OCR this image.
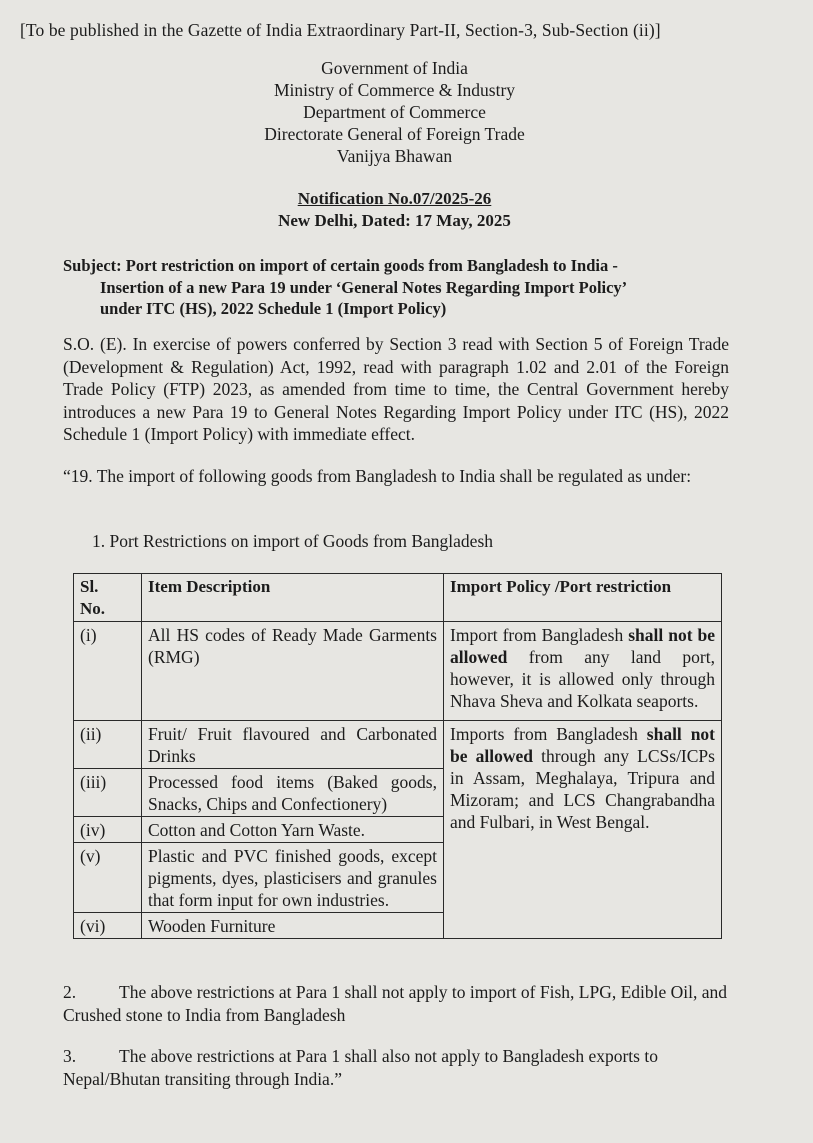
[To be published in the Gazette of India Extraordinary Part-II, Section-3, Sub-Section (ii)]
Government of India
Ministry of Commerce & Industry
Department of Commerce
Directorate General of Foreign Trade
Vanijya Bhawan
Notification No.07/2025-26
New Delhi, Dated: 17 May, 2025
Subject: Port restriction on import of certain goods from Bangladesh to India -
Insertion of a new Para 19 under ‘General Notes Regarding Import Policy’
under ITC (HS), 2022 Schedule 1 (Import Policy)
S.O. (E). In exercise of powers conferred by Section 3 read with Section 5 of Foreign Trade (Development & Regulation) Act, 1992, read with paragraph 1.02 and 2.01 of the Foreign Trade Policy (FTP) 2023, as amended from time to time, the Central Government hereby introduces a new Para 19 to General Notes Regarding Import Policy under ITC (HS), 2022 Schedule 1 (Import Policy) with immediate effect.
“19. The import of following goods from Bangladesh to India shall be regulated as under:
1. Port Restrictions on import of Goods from Bangladesh
Sl.
No.	Item Description	Import Policy /Port restriction
(i)	All HS codes of Ready Made Garments (RMG)	Import from Bangladesh shall not be allowed from any land port, however, it is allowed only through Nhava Sheva and Kolkata seaports.
(ii)	Fruit/ Fruit flavoured and Carbonated Drinks	Imports from Bangladesh shall not be allowed through any LCSs/ICPs in Assam, Meghalaya, Tripura and Mizoram; and LCS Changrabandha and Fulbari, in West Bengal.
(iii)	Processed food items (Baked goods, Snacks, Chips and Confectionery)	
(iv)	Cotton and Cotton Yarn Waste.	
(v)	Plastic and PVC finished goods, except pigments, dyes, plasticisers and granules that form input for own industries.	
(vi)	Wooden Furniture	
2. The above restrictions at Para 1 shall not apply to import of Fish, LPG, Edible Oil, and Crushed stone to India from Bangladesh
3. The above restrictions at Para 1 shall also not apply to Bangladesh exports to Nepal/Bhutan transiting through India.”
